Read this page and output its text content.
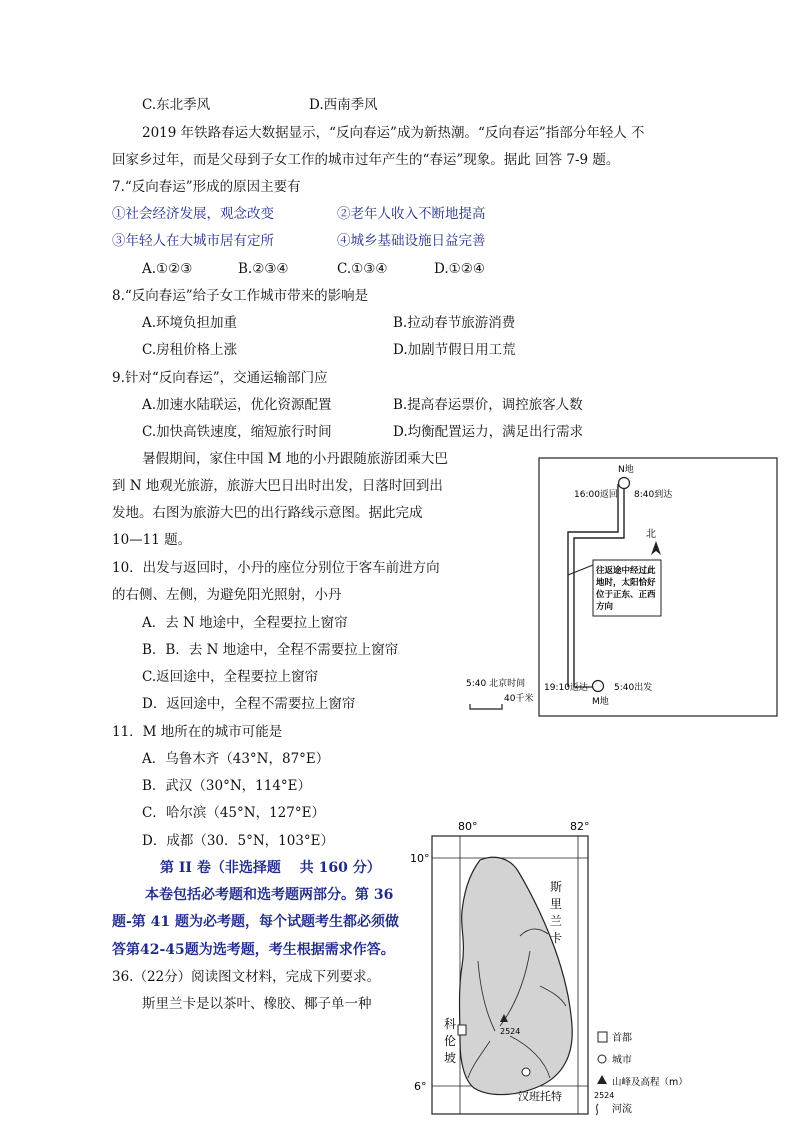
C.东北季风	D.西南季风
2019 年铁路春运大数据显示，“反向春运”成为新热潮。“反向春运”指部分年轻人 不
回家乡过年，而是父母到子女工作的城市过年产生的“春运”现象。据此 回答 7-9 题。
7.“反向春运”形成的原因主要有
①社会经济发展，观念改变	②老年人收入不断地提高
③年轻人在大城市居有定所	④城乡基础设施日益完善
A.①②③	B.②③④	C.①③④	D.①②④
8.“反向春运”给子女工作城市带来的影响是
A.环境负担加重	B.拉动春节旅游消费
C.房租价格上涨	D.加剧节假日用工荒
9.针对“反向春运”，交通运输部门应
A.加速水陆联运，优化资源配置	B.提高春运票价，调控旅客人数
C.加快高铁速度，缩短旅行时间	D.均衡配置运力，满足出行需求
暑假期间，家住中国 M 地的小丹跟随旅游团乘大巴
到 N 地观光旅游，旅游大巴日出时出发，日落时回到出
发地。右图为旅游大巴的出行路线示意图。据此完成
10—11 题。
10．出发与返回时，小丹的座位分别位于客车前进方向
的右侧、左侧，为避免阳光照射，小丹
A．去 N 地途中，全程要拉上窗帘
B．B．去 N 地途中，全程不需要拉上窗帘
C.返回途中，全程要拉上窗帘
D．返回途中，全程不需要拉上窗帘
11．M 地所在的城市可能是
A．乌鲁木齐（43°N，87°E）
B．武汉（30°N，114°E）
C．哈尔滨（45°N，127°E）
D．成都（30．5°N，103°E）
第 II 卷（非选择题　 共 160 分）
本卷包括必考题和选考题两部分。第 36
题-第 41 题为必考题，每个试题考生都必须做
答第42-45题为选考题，考生根据需求作答。
36.（22分）阅读图文材料，完成下列要求。
斯里兰卡是以茶叶、橡胶、椰子单一种
N地
16:00返回 8:40到达
北
往返途中经过此
地时，太阳恰好
位于正东、正西
方向
19:10返达	5:40出发
M地
5:40 北京时间
40千米
80°	82°
10°
6°
科
伦
坡
2524
汉班托特
斯
里
兰
卡
首都
城市
山峰及高程（m）
2524
河流
